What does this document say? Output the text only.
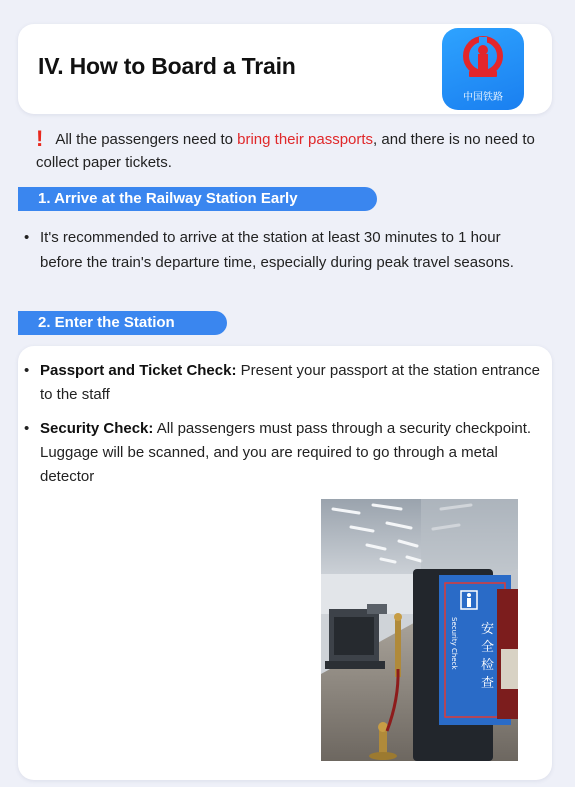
IV. How to Board a Train
中国铁路
! All the passengers need to bring their passports, and there is no need to collect paper tickets.
1. Arrive at the Railway Station Early
• It's recommended to arrive at the station at least 30 minutes to 1 hour before the train's departure time, especially during peak travel seasons.
2. Enter the Station
• Passport and Ticket Check: Present your passport at the station entrance to the staff
• Security Check: All passengers must pass through a security checkpoint. Luggage will be scanned, and you are required to go through a metal detector
安
全
检
查
Security Check
